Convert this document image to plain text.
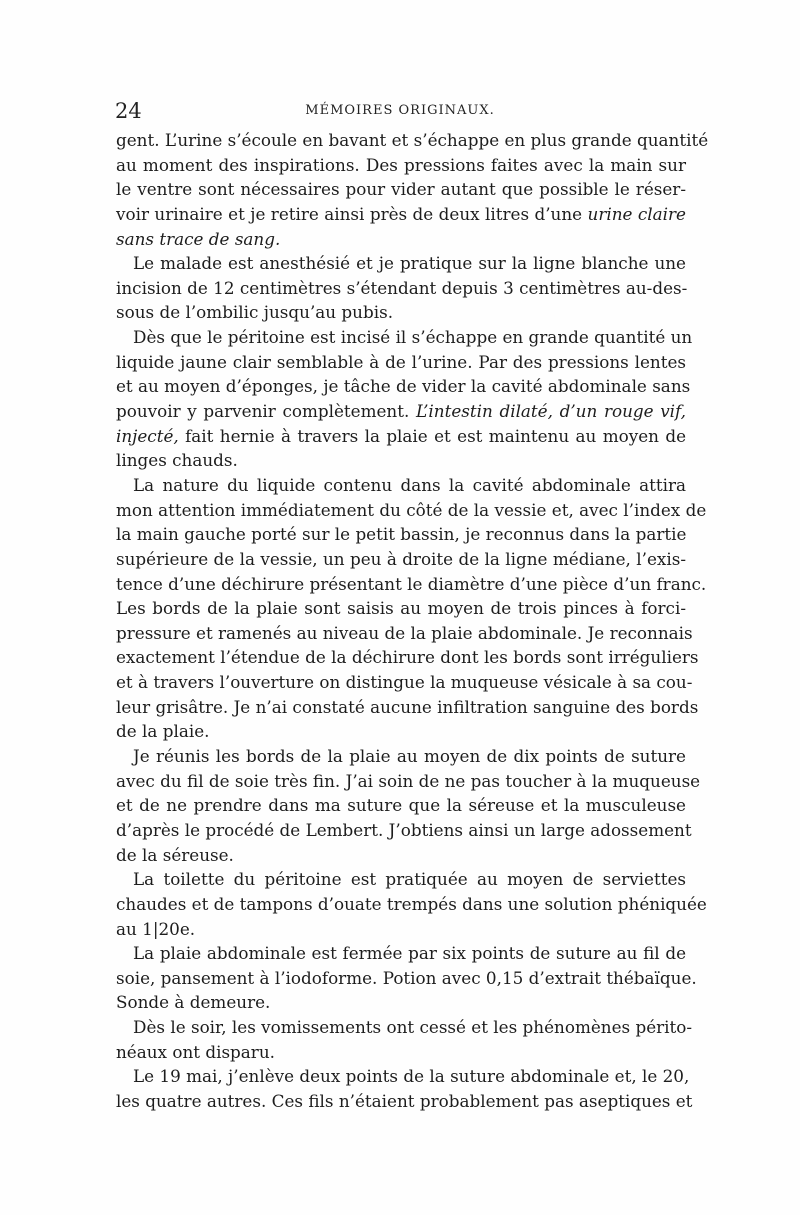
24	MÉMOIRES ORIGINAUX.
gent. L’urine s’écoule en bavant et s’échappe en plus grande quantité
au moment des inspirations. Des pressions faites avec la main sur
le ventre sont nécessaires pour vider autant que possible le réser-
voir urinaire et je retire ainsi près de deux litres d’une urine claire
sans trace de sang.
Le malade est anesthésié et je pratique sur la ligne blanche une
incision de 12 centimètres s’étendant depuis 3 centimètres au-des-
sous de l’ombilic jusqu’au pubis.
Dès que le péritoine est incisé il s’échappe en grande quantité un
liquide jaune clair semblable à de l’urine. Par des pressions lentes
et au moyen d’éponges, je tâche de vider la cavité abdominale sans
pouvoir y parvenir complètement. L’intestin dilaté, d’un rouge vif,
injecté, fait hernie à travers la plaie et est maintenu au moyen de
linges chauds.
La nature du liquide contenu dans la cavité abdominale attira
mon attention immédiatement du côté de la vessie et, avec l’index de
la main gauche porté sur le petit bassin, je reconnus dans la partie
supérieure de la vessie, un peu à droite de la ligne médiane, l’exis-
tence d’une déchirure présentant le diamètre d’une pièce d’un franc.
Les bords de la plaie sont saisis au moyen de trois pinces à forci-
pressure et ramenés au niveau de la plaie abdominale. Je reconnais
exactement l’étendue de la déchirure dont les bords sont irréguliers
et à travers l’ouverture on distingue la muqueuse vésicale à sa cou-
leur grisâtre. Je n’ai constaté aucune infiltration sanguine des bords
de la plaie.
Je réunis les bords de la plaie au moyen de dix points de suture
avec du fil de soie très fin. J’ai soin de ne pas toucher à la muqueuse
et de ne prendre dans ma suture que la séreuse et la musculeuse
d’après le procédé de Lembert. J’obtiens ainsi un large adossement
de la séreuse.
La toilette du péritoine est pratiquée au moyen de serviettes
chaudes et de tampons d’ouate trempés dans une solution phéniquée
au 1|20e.
La plaie abdominale est fermée par six points de suture au fil de
soie, pansement à l’iodoforme. Potion avec 0,15 d’extrait thébaïque.
Sonde à demeure.
Dès le soir, les vomissements ont cessé et les phénomènes périto-
néaux ont disparu.
Le 19 mai, j’enlève deux points de la suture abdominale et, le 20,
les quatre autres. Ces fils n’étaient probablement pas aseptiques et
